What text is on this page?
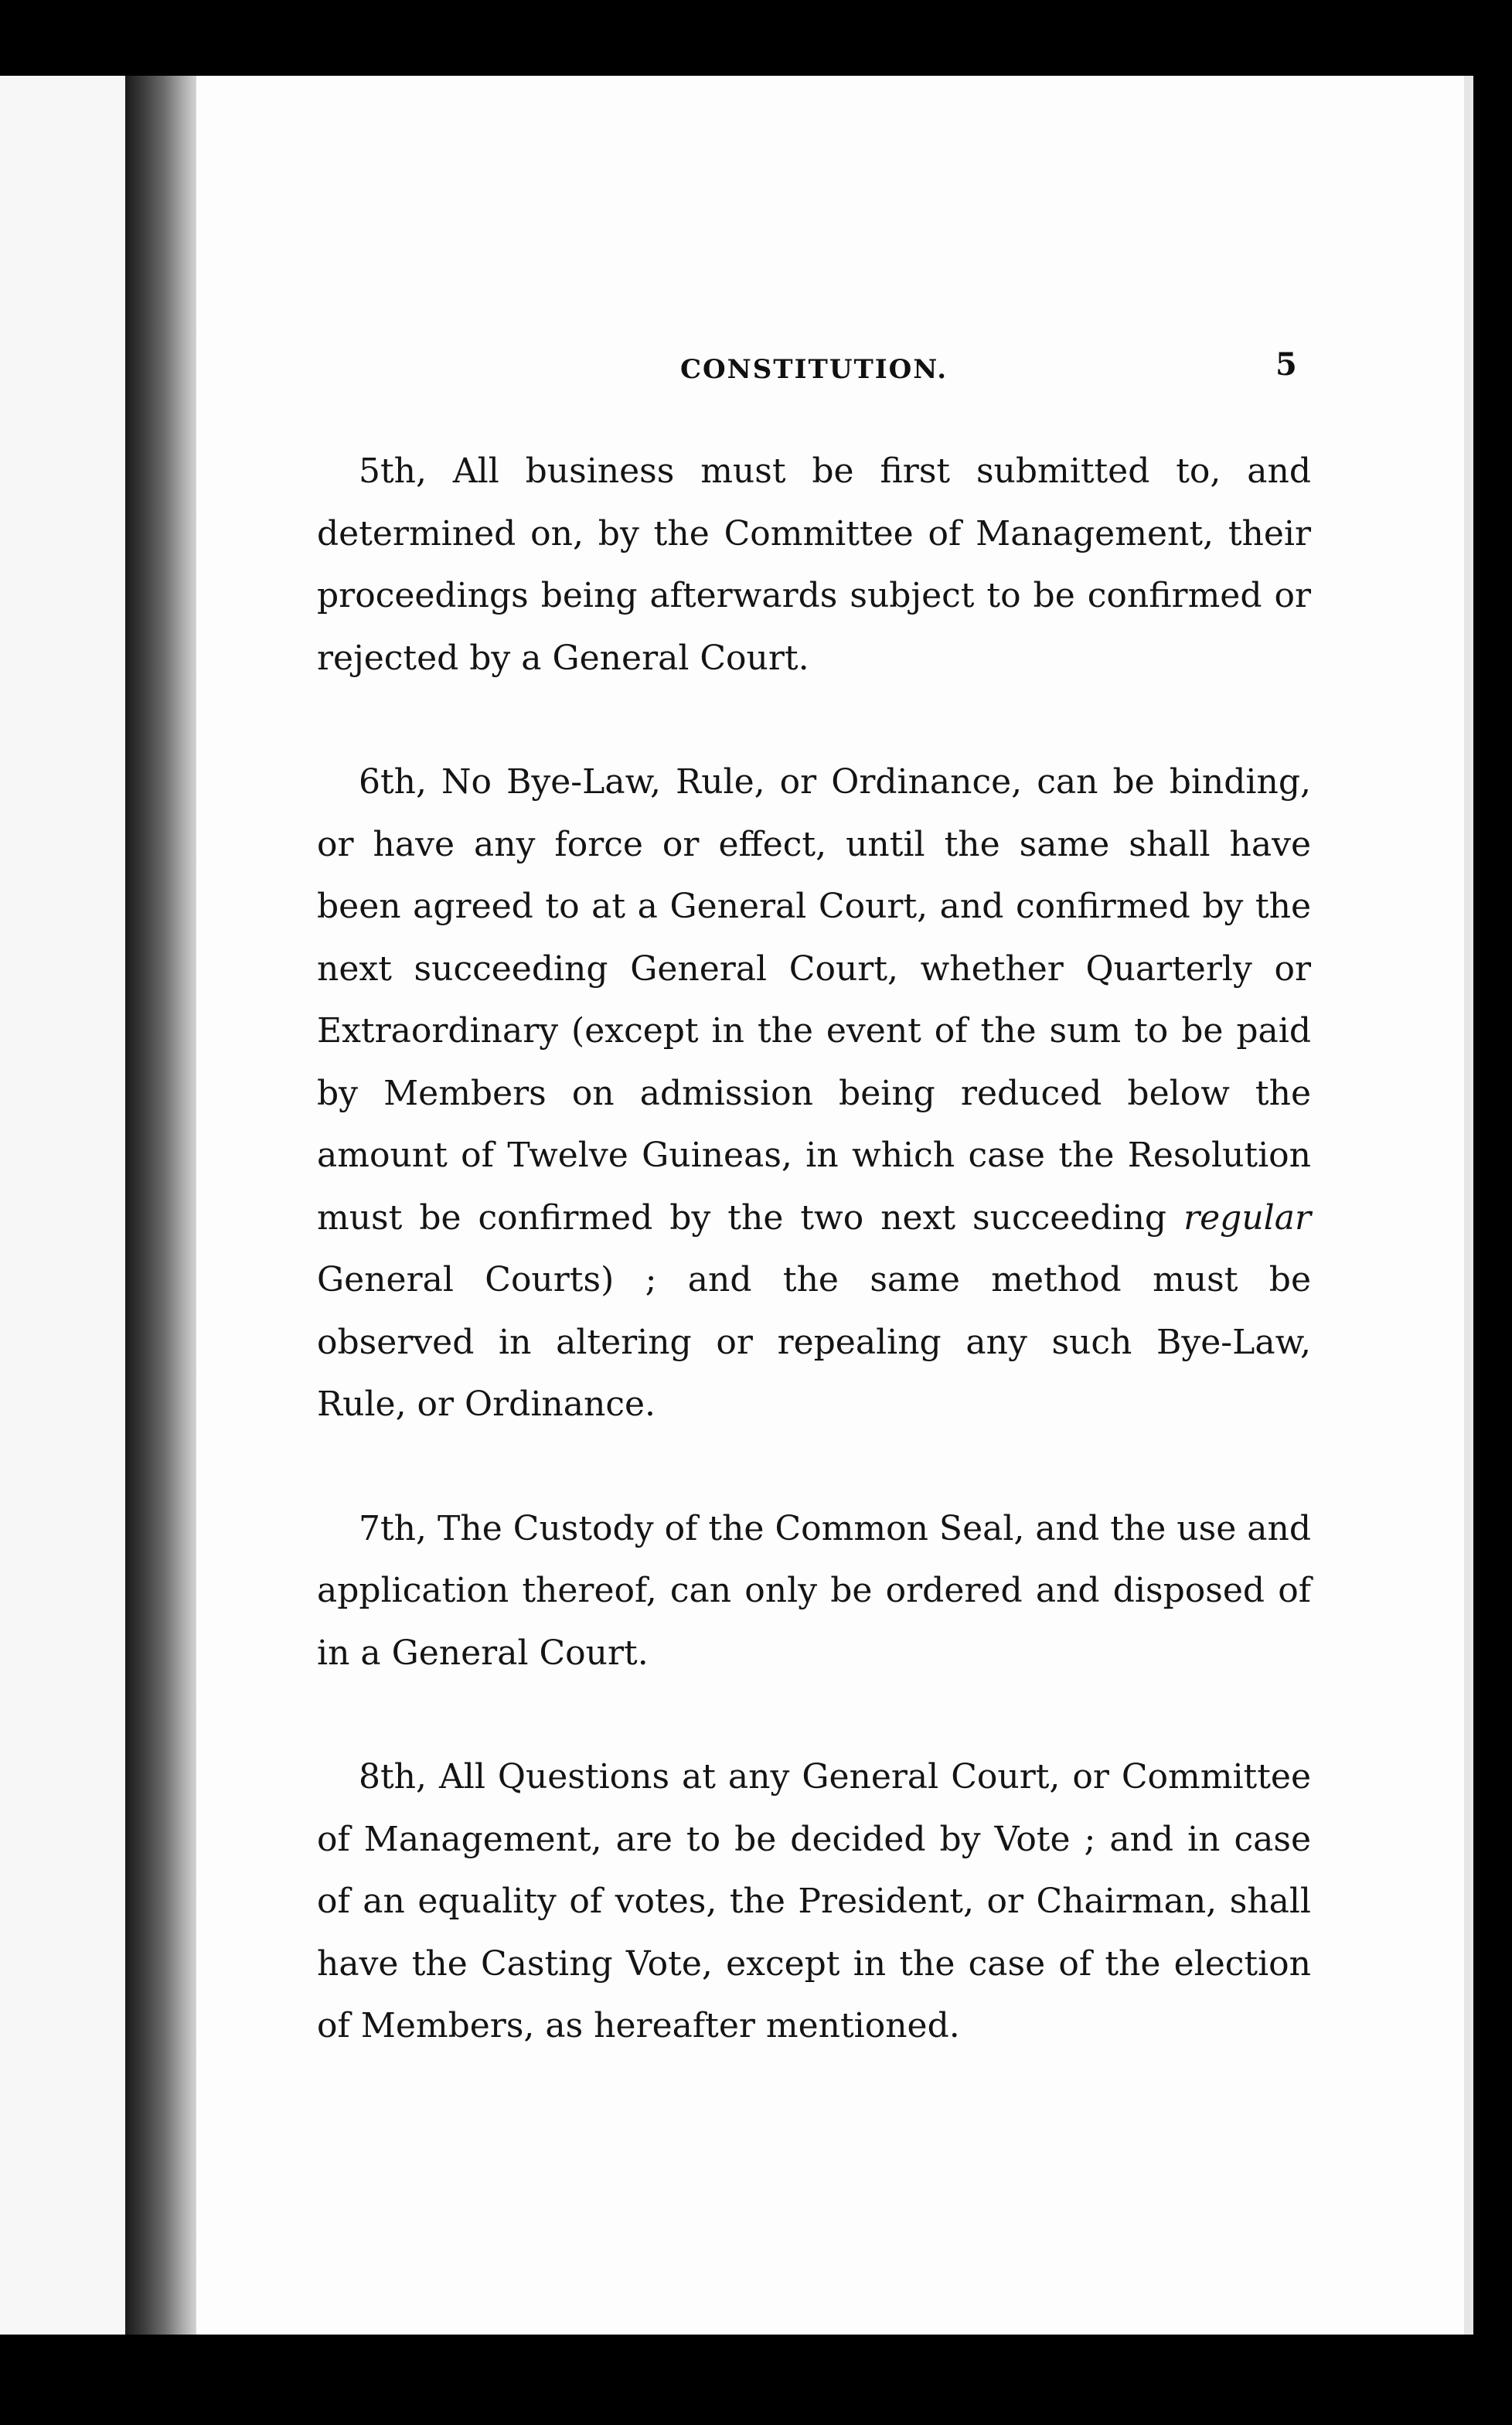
CONSTITUTION.	5

5th, All business must be first submitted to, and determined on, by the Committee of Management, their proceedings being afterwards subject to be confirmed or rejected by a General Court.

6th, No Bye-Law, Rule, or Ordinance, can be binding, or have any force or effect, until the same shall have been agreed to at a General Court, and confirmed by the next succeeding General Court, whether Quarterly or Extraordinary (except in the event of the sum to be paid by Members on admission being reduced below the amount of Twelve Guineas, in which case the Resolution must be confirmed by the two next succeeding regular General Courts) ; and the same method must be observed in altering or repealing any such Bye-Law, Rule, or Ordinance.

7th, The Custody of the Common Seal, and the use and application thereof, can only be ordered and disposed of in a General Court.

8th, All Questions at any General Court, or Committee of Management, are to be decided by Vote ; and in case of an equality of votes, the President, or Chairman, shall have the Casting Vote, except in the case of the election of Members, as hereafter mentioned.
